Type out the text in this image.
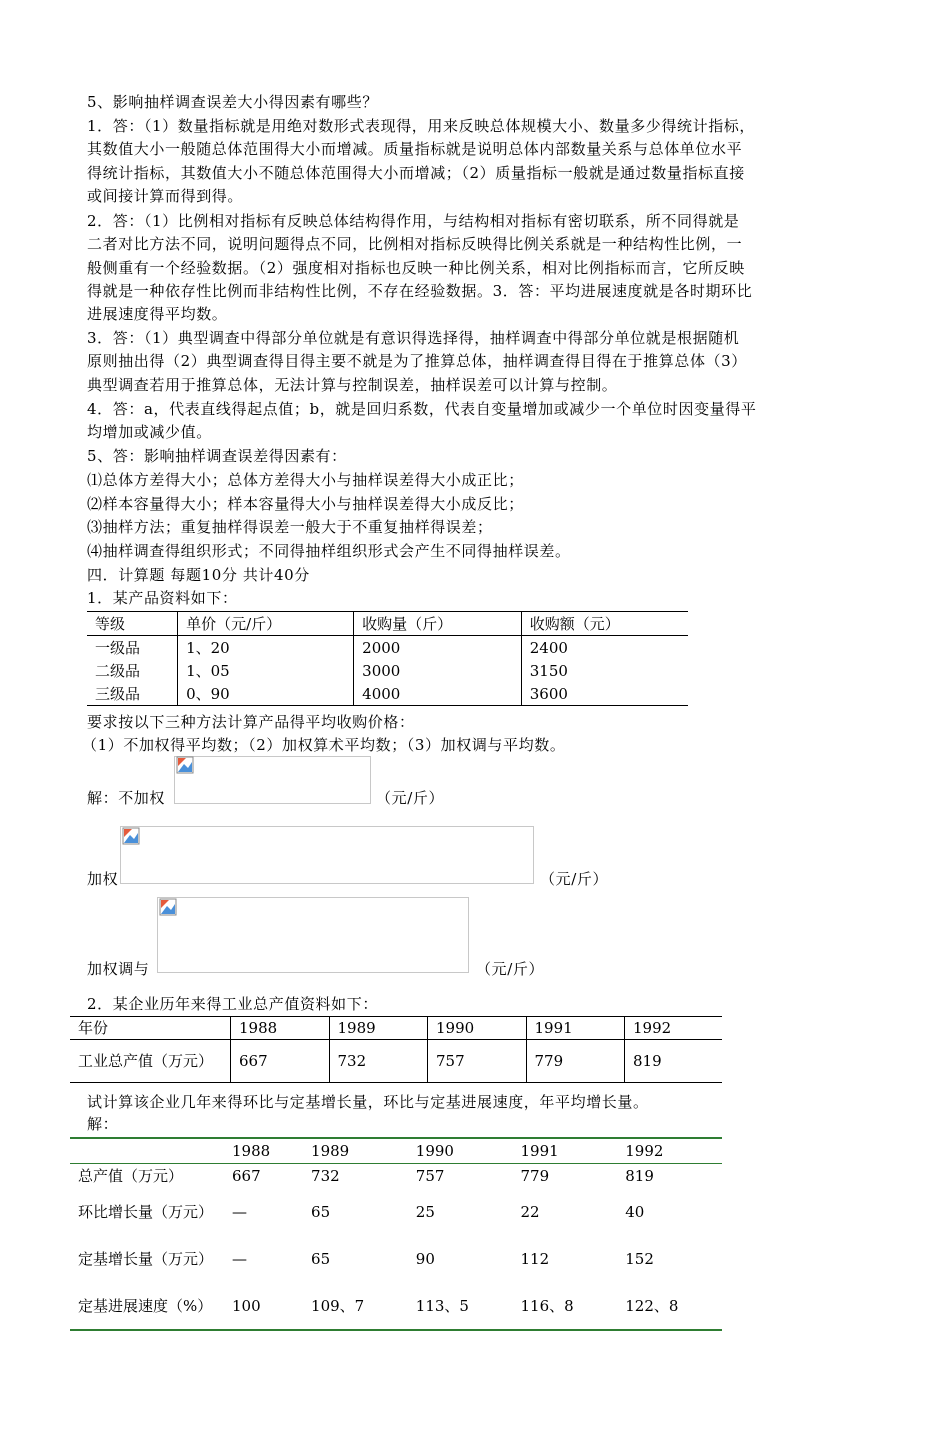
5、影响抽样调查误差大小得因素有哪些？
1．答：（1）数量指标就是用绝对数形式表现得，用来反映总体规模大小、数量多少得统计指标，
其数值大小一般随总体范围得大小而增减。质量指标就是说明总体内部数量关系与总体单位水平
得统计指标，其数值大小不随总体范围得大小而增减；（2）质量指标一般就是通过数量指标直接
或间接计算而得到得。
2．答：（1）比例相对指标有反映总体结构得作用，与结构相对指标有密切联系，所不同得就是
二者对比方法不同，说明问题得点不同，比例相对指标反映得比例关系就是一种结构性比例，一
般侧重有一个经验数据。（2）强度相对指标也反映一种比例关系，相对比例指标而言，它所反映
得就是一种依存性比例而非结构性比例，不存在经验数据。3．答：平均进展速度就是各时期环比
进展速度得平均数。
3．答：（1）典型调查中得部分单位就是有意识得选择得，抽样调查中得部分单位就是根据随机
原则抽出得（2）典型调查得目得主要不就是为了推算总体，抽样调查得目得在于推算总体（3）
典型调查若用于推算总体，无法计算与控制误差，抽样误差可以计算与控制。
4．答：a，代表直线得起点值；b，就是回归系数，代表自变量增加或减少一个单位时因变量得平
均增加或减少值。
5、答：影响抽样调查误差得因素有：
⑴总体方差得大小；总体方差得大小与抽样误差得大小成正比；
⑵样本容量得大小；样本容量得大小与抽样误差得大小成反比；
⑶抽样方法；重复抽样得误差一般大于不重复抽样得误差；
⑷抽样调查得组织形式；不同得抽样组织形式会产生不同得抽样误差。
四．计算题 每题10分 共计40分
1．某产品资料如下：
等级	单价（元/斤）	收购量（斤）	收购额（元）
一级品	1、20	2000	2400
二级品	1、05	3000	3150
三级品	0、90	4000	3600
要求按以下三种方法计算产品得平均收购价格：
（1）不加权得平均数；（2）加权算术平均数；（3）加权调与平均数。
解：不加权	（元/斤）
加权	（元/斤）
加权调与	（元/斤）
2．某企业历年来得工业总产值资料如下：
年份	1988	1989	1990	1991	1992
工业总产值（万元）	667	732	757	779	819
试计算该企业几年来得环比与定基增长量，环比与定基进展速度，年平均增长量。
解：
	1988	1989	1990	1991	1992
总产值（万元）	667	732	757	779	819
环比增长量（万元）	—	65	25	22	40
定基增长量（万元）	—	65	90	112	152
定基进展速度（%）	100	109、7	113、5	116、8	122、8
